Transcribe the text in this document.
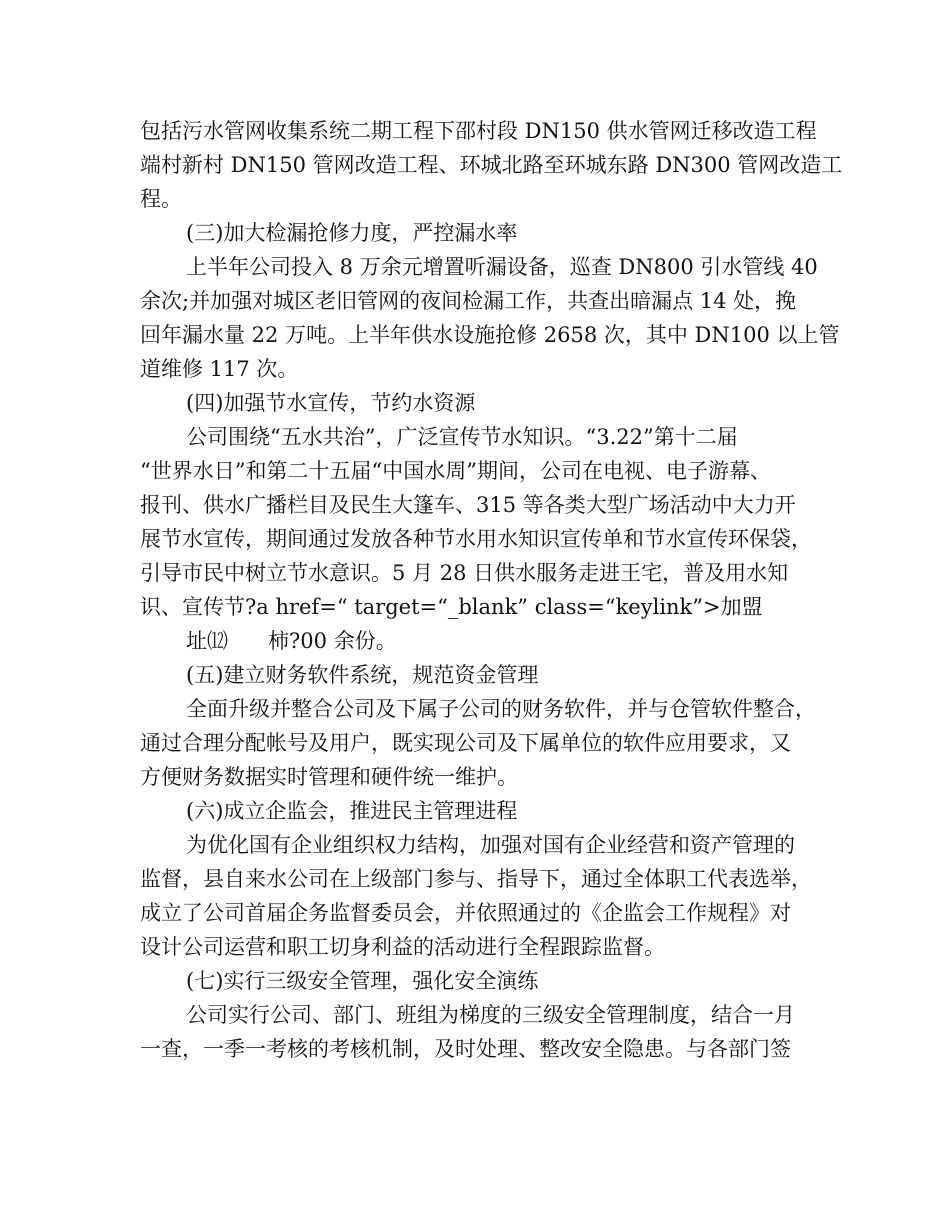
包括污水管网收集系统二期工程下邵村段 DN150 供水管网迁移改造工程
端村新村 DN150 管网改造工程、环城北路至环城东路 DN300 管网改造工
程。
(三)加大检漏抢修力度，严控漏水率
上半年公司投入 8 万余元增置听漏设备，巡查 DN800 引水管线 40
余次;并加强对城区老旧管网的夜间检漏工作，共查出暗漏点 14 处，挽
回年漏水量 22 万吨。上半年供水设施抢修 2658 次，其中 DN100 以上管
道维修 117 次。
(四)加强节水宣传，节约水资源
公司围绕“五水共治”，广泛宣传节水知识。“3.22”第十二届
“世界水日”和第二十五届“中国水周”期间，公司在电视、电子游幕、
报刊、供水广播栏目及民生大篷车、315 等各类大型广场活动中大力开
展节水宣传，期间通过发放各种节水用水知识宣传单和节水宣传环保袋，
引导市民中树立节水意识。5 月 28 日供水服务走进王宅，普及用水知
识、宣传节?a href=“ target=“_blank” class=“keylink”>加盟
址⑿      柿?00 余份。
(五)建立财务软件系统，规范资金管理
全面升级并整合公司及下属子公司的财务软件，并与仓管软件整合，
通过合理分配帐号及用户，既实现公司及下属单位的软件应用要求，又
方便财务数据实时管理和硬件统一维护。
(六)成立企监会，推进民主管理进程
为优化国有企业组织权力结构，加强对国有企业经营和资产管理的
监督，县自来水公司在上级部门参与、指导下，通过全体职工代表选举，
成立了公司首届企务监督委员会，并依照通过的《企监会工作规程》对
设计公司运营和职工切身利益的活动进行全程跟踪监督。
(七)实行三级安全管理，强化安全演练
公司实行公司、部门、班组为梯度的三级安全管理制度，结合一月
一查，一季一考核的考核机制，及时处理、整改安全隐患。与各部门签
